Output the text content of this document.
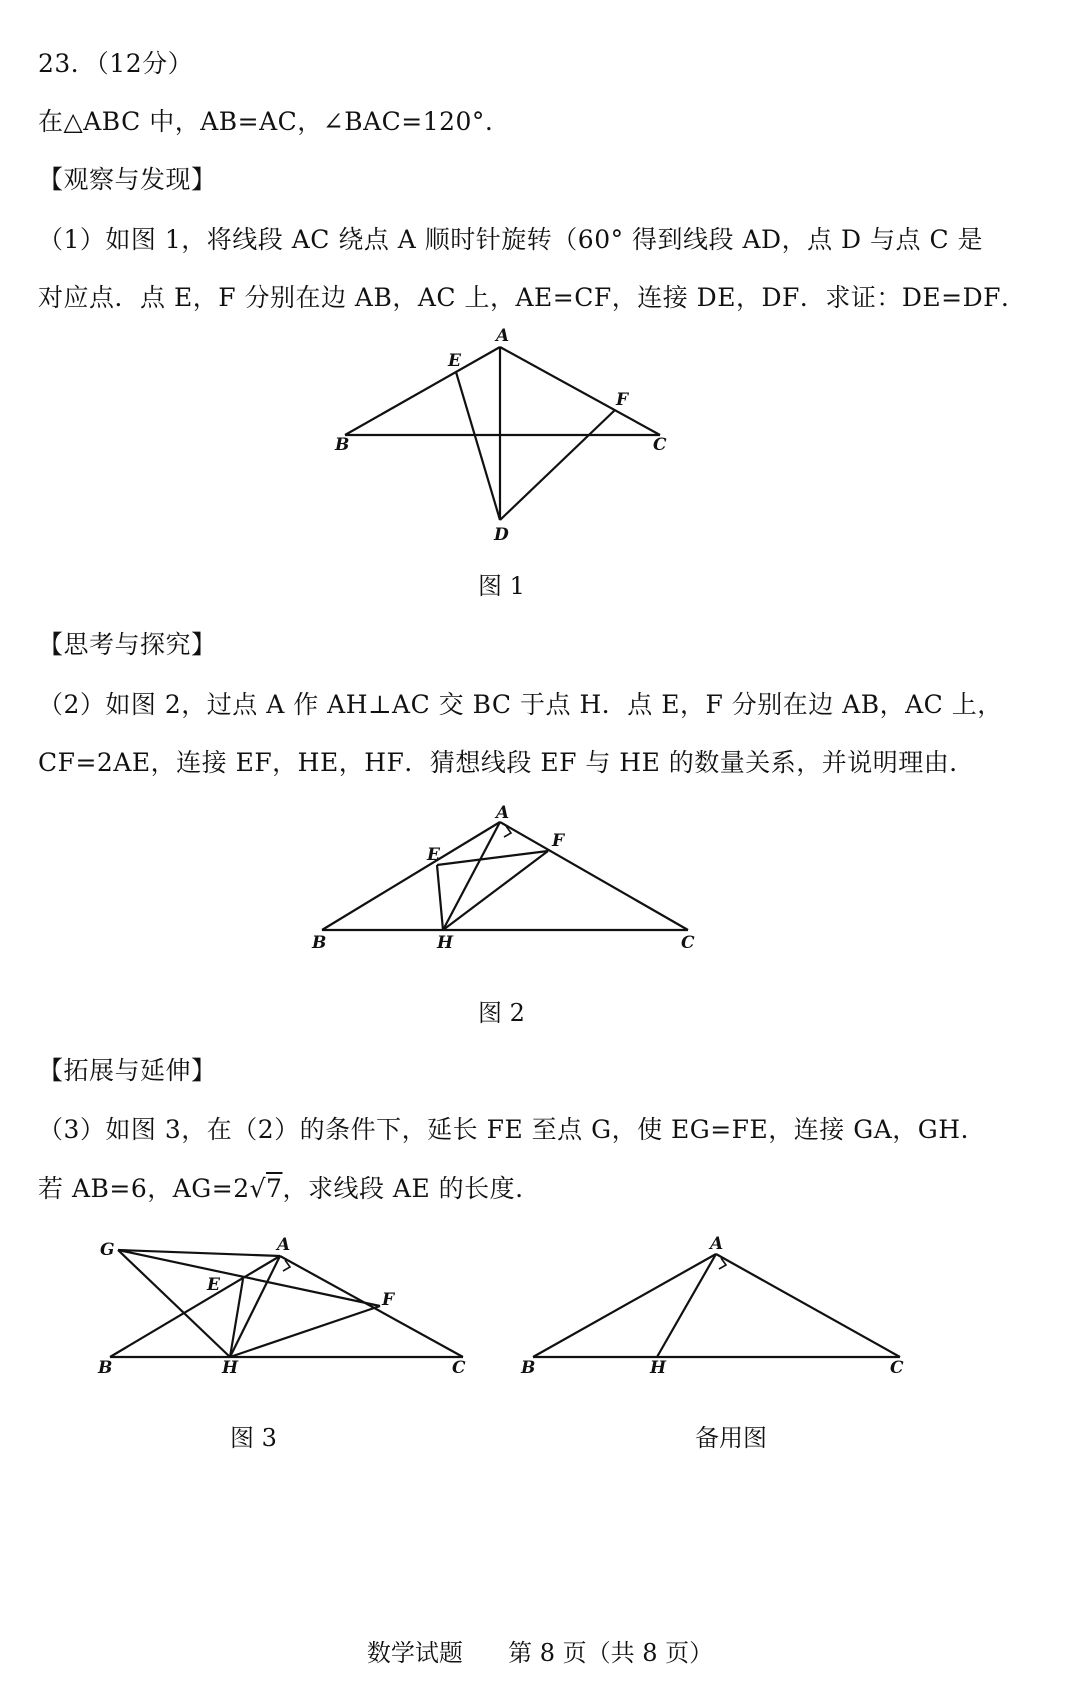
23．（12分）
在△ABC 中，AB=AC，∠BAC=120°.
【观察与发现】
（1）如图 1，将线段 AC 绕点 A 顺时针旋转（60° 得到线段 AD，点 D 与点 C 是
对应点．点 E，F 分别在边 AB，AC 上，AE=CF，连接 DE，DF．求证：DE=DF．
A
E
F
B	C
D
A
E
F
B	H	C
A
G
E
F
B	H	C
A
B	H	C
图 1
【思考与探究】
（2）如图 2，过点 A 作 AH⊥AC 交 BC 于点 H．点 E，F 分别在边 AB，AC 上，
CF=2AE，连接 EF，HE，HF．猜想线段 EF 与 HE 的数量关系，并说明理由．
图 2
【拓展与延伸】
（3）如图 3，在（2）的条件下，延长 FE 至点 G，使 EG=FE，连接 GA，GH.
若 AB=6，AG=2√7，求线段 AE 的长度.
图 3	备用图
数学试题 第 8 页（共 8 页）
